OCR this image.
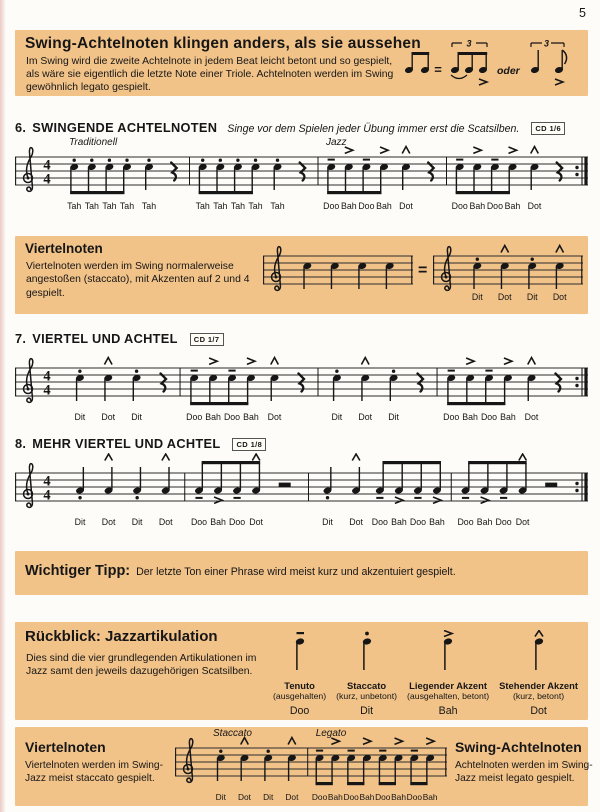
5
Swing-Achtelnoten klingen anders, als sie aussehen
Im Swing wird die zweite Achtelnote in jedem Beat leicht betont und so gespielt,
als wäre sie eigentlich die letzte Note einer Triole. Achtelnoten werden im Swing
gewöhnlich legato gespielt.
=
3
oder
3
6. SWINGENDE ACHTELNOTEN Singe vor dem Spielen jeder Übung immer erst die Scatsilben.	CD 1/6
4
4
Traditionell	Jazz
Tah Tah Tah Tah Tah	Tah Tah Tah Tah Tah	Doo Bah Doo Bah Dot	Doo Bah Doo Bah Dot
Viertelnoten
Viertelnoten werden im Swing normalerweise angestoßen (staccato), mit Akzenten auf 2 und 4 gespielt.
=
Dit Dot Dit Dot
7. VIERTEL UND ACHTEL	CD 1/7
4
4
Dit Dot Dit	Doo Bah Doo Bah Dot	Dit Dot Dit	Doo Bah Doo Bah Dot
8. MEHR VIERTEL UND ACHTEL	CD 1/8
4
4
Dit Dot Dit Dot Doo Bah Doo Dot	Dit Dot Doo Bah Doo Bah Doo Bah Doo Dot
Wichtiger Tipp: Der letzte Ton einer Phrase wird meist kurz und akzentuiert gespielt.
Rückblick: Jazzartikulation
Dies sind die vier grundlegenden Artikulationen im Jazz samt den jeweils dazugehörigen Scatsilben.
Tenuto
(ausgehalten)
Doo
Staccato
(kurz, unbetont)
Dit
Liegender Akzent
(ausgehalten, betont)
Bah
Stehender Akzent
(kurz, betont)
Dot
Viertelnoten
Viertelnoten werden im Swing-
Jazz meist staccato gespielt.
Staccato	Legato
Dit Dot Dit Dot Doo Bah Doo Bah Doo Bah Doo Bah
Swing-Achtelnoten
Achtelnoten werden im Swing-
Jazz meist legato gespielt.
